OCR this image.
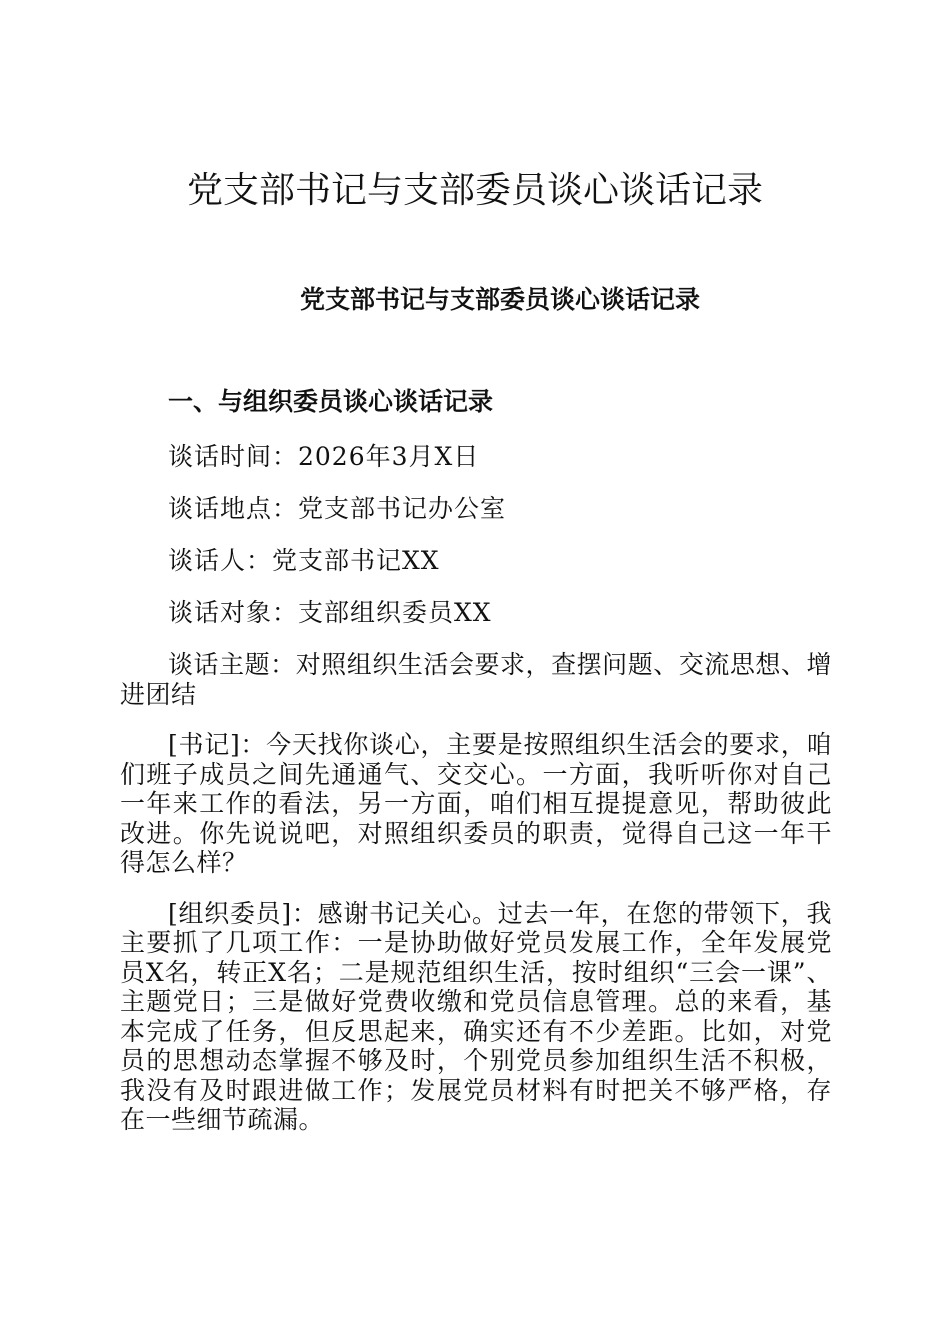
党支部书记与支部委员谈心谈话记录
党支部书记与支部委员谈心谈话记录

一、与组织委员谈心谈话记录

谈话时间：2026年3月X日

谈话地点：党支部书记办公室

谈话人：党支部书记XX

谈话对象：支部组织委员XX

谈话主题：对照组织生活会要求，查摆问题、交流思想、增进团结

[书记]：今天找你谈心，主要是按照组织生活会的要求，咱们班子成员之间先通通气、交交心。一方面，我听听你对自己一年来工作的看法，另一方面，咱们相互提提意见，帮助彼此改进。你先说说吧，对照组织委员的职责，觉得自己这一年干得怎么样？

[组织委员]：感谢书记关心。过去一年，在您的带领下，我主要抓了几项工作：一是协助做好党员发展工作，全年发展党员X名，转正X名；二是规范组织生活，按时组织“三会一课”、主题党日；三是做好党费收缴和党员信息管理。总的来看，基本完成了任务，但反思起来，确实还有不少差距。比如，对党员的思想动态掌握不够及时，个别党员参加组织生活不积极，我没有及时跟进做工作；发展党员材料有时把关不够严格，存在一些细节疏漏。
